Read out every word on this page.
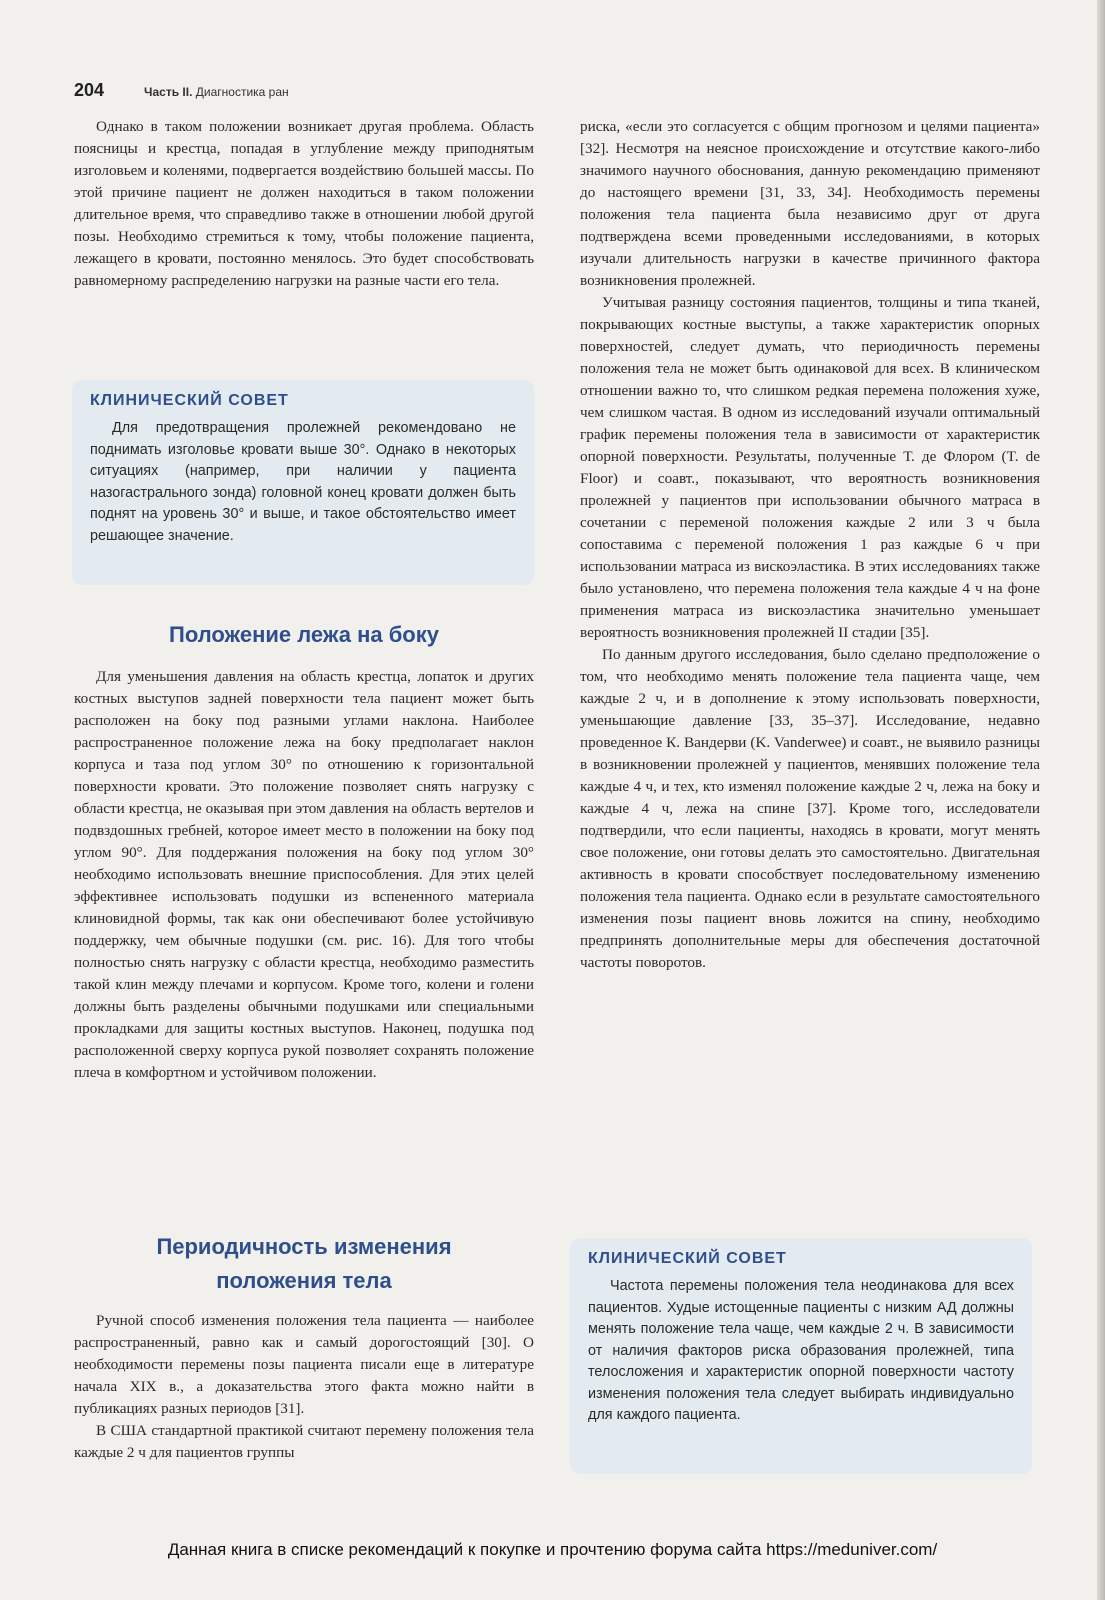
204	Часть II. Диагностика ран

Однако в таком положении возникает другая проблема. Область поясницы и крестца, попадая в углубление между приподнятым изголовьем и коленями, подвергается воздействию большей массы. По этой причине пациент не должен находиться в таком положении длительное время, что справедливо также в отношении любой другой позы. Необходимо стремиться к тому, чтобы положение пациента, лежащего в кровати, постоянно менялось. Это будет способствовать равномерному распределению нагрузки на разные части его тела.

КЛИНИЧЕСКИЙ СОВЕТ

Для предотвращения пролежней рекомендовано не поднимать изголовье кровати выше 30°. Однако в некоторых ситуациях (например, при наличии у пациента назогастрального зонда) головной конец кровати должен быть поднят на уровень 30° и выше, и такое обстоятельство имеет решающее значение.

Положение лежа на боку

Для уменьшения давления на область крестца, лопаток и других костных выступов задней поверхности тела пациент может быть расположен на боку под разными углами наклона. Наиболее распространенное положение лежа на боку предполагает наклон корпуса и таза под углом 30° по отношению к горизонтальной поверхности кровати. Это положение позволяет снять нагрузку с области крестца, не оказывая при этом давления на область вертелов и подвздошных гребней, которое имеет место в положении на боку под углом 90°. Для поддержания положения на боку под углом 30° необходимо использовать внешние приспособления. Для этих целей эффективнее использовать подушки из вспененного материала клиновидной формы, так как они обеспечивают более устойчивую поддержку, чем обычные подушки (см. рис. 16). Для того чтобы полностью снять нагрузку с области крестца, необходимо разместить такой клин между плечами и корпусом. Кроме того, колени и голени должны быть разделены обычными подушками или специальными прокладками для защиты костных выступов. Наконец, подушка под расположенной сверху корпуса рукой позволяет сохранять положение плеча в комфортном и устойчивом положении.

Периодичность изменения
положения тела

Ручной способ изменения положения тела пациента — наиболее распространенный, равно как и самый дорогостоящий [30]. О необходимости перемены позы пациента писали еще в литературе начала XIX в., а доказательства этого факта можно найти в публикациях разных периодов [31].

В США стандартной практикой считают перемену положения тела каждые 2 ч для пациентов группы

риска, «если это согласуется с общим прогнозом и целями пациента» [32]. Несмотря на неясное происхождение и отсутствие какого-либо значимого научного обоснования, данную рекомендацию применяют до настоящего времени [31, 33, 34]. Необходимость перемены положения тела пациента была независимо друг от друга подтверждена всеми проведенными исследованиями, в которых изучали длительность нагрузки в качестве причинного фактора возникновения пролежней.

Учитывая разницу состояния пациентов, толщины и типа тканей, покрывающих костные выступы, а также характеристик опорных поверхностей, следует думать, что периодичность перемены положения тела не может быть одинаковой для всех. В клиническом отношении важно то, что слишком редкая перемена положения хуже, чем слишком частая. В одном из исследований изучали оптимальный график перемены положения тела в зависимости от характеристик опорной поверхности. Результаты, полученные Т. де Флором (T. de Floor) и соавт., показывают, что вероятность возникновения пролежней у пациентов при использовании обычного матраса в сочетании с переменой положения каждые 2 или 3 ч была сопоставима с переменой положения 1 раз каждые 6 ч при использовании матраса из вискоэластика. В этих исследованиях также было установлено, что перемена положения тела каждые 4 ч на фоне применения матраса из вискоэластика значительно уменьшает вероятность возникновения пролежней II стадии [35].

По данным другого исследования, было сделано предположение о том, что необходимо менять положение тела пациента чаще, чем каждые 2 ч, и в дополнение к этому использовать поверхности, уменьшающие давление [33, 35–37]. Исследование, недавно проведенное К. Вандерви (K. Vanderwee) и соавт., не выявило разницы в возникновении пролежней у пациентов, менявших положение тела каждые 4 ч, и тех, кто изменял положение каждые 2 ч, лежа на боку и каждые 4 ч, лежа на спине [37]. Кроме того, исследователи подтвердили, что если пациенты, находясь в кровати, могут менять свое положение, они готовы делать это самостоятельно. Двигательная активность в кровати способствует последовательному изменению положения тела пациента. Однако если в результате самостоятельного изменения позы пациент вновь ложится на спину, необходимо предпринять дополнительные меры для обеспечения достаточной частоты поворотов.

КЛИНИЧЕСКИЙ СОВЕТ

Частота перемены положения тела неодинакова для всех пациентов. Худые истощенные пациенты с низким АД должны менять положение тела чаще, чем каждые 2 ч. В зависимости от наличия факторов риска образования пролежней, типа телосложения и характеристик опорной поверхности частоту изменения положения тела следует выбирать индивидуально для каждого пациента.

Данная книга в списке рекомендаций к покупке и прочтению форума сайта https://meduniver.com/
